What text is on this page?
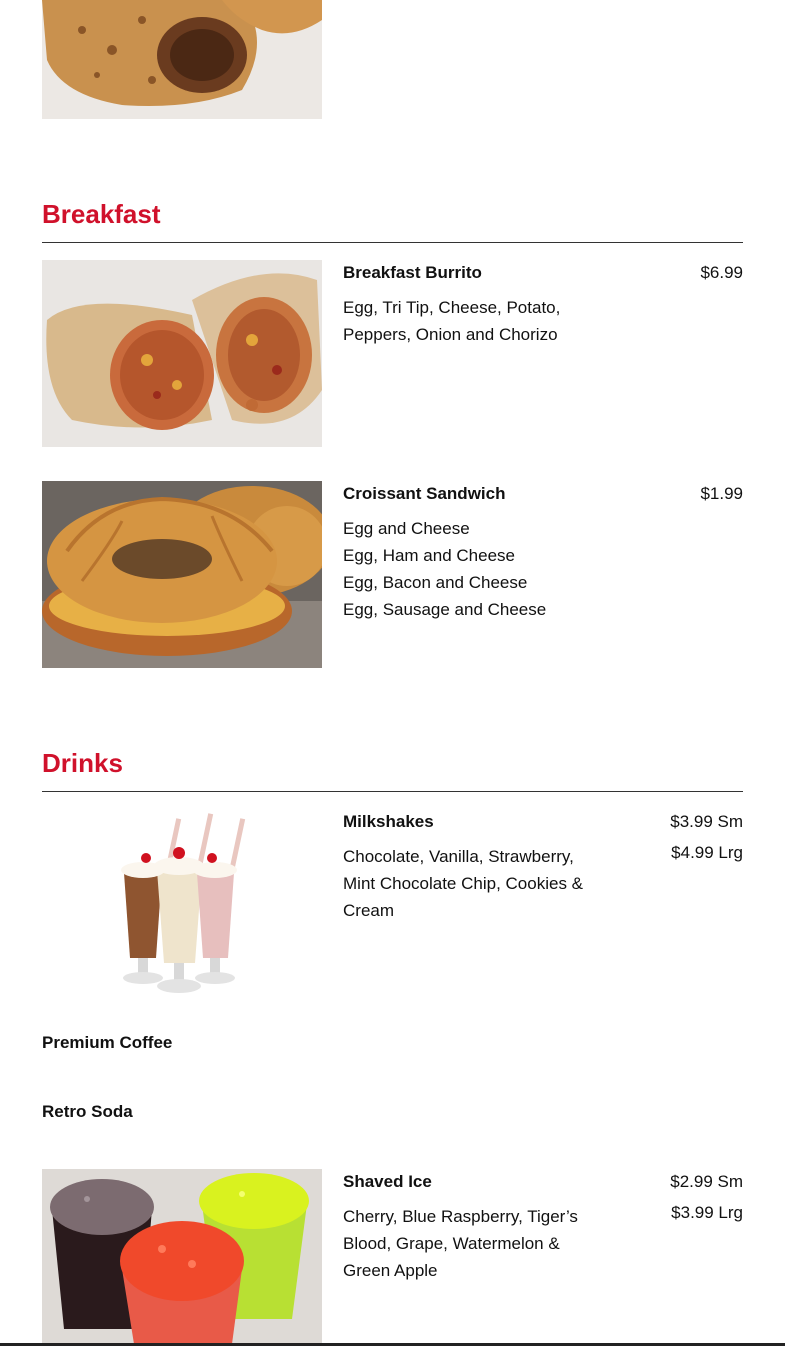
Breakfast
Breakfast Burrito	$6.99
Egg, Tri Tip, Cheese, Potato,
Peppers, Onion and Chorizo
Croissant Sandwich	$1.99
Egg and Cheese
Egg, Ham and Cheese
Egg, Bacon and Cheese
Egg, Sausage and Cheese
Drinks
Milkshakes	$3.99 Sm
$4.99 Lrg
Chocolate, Vanilla, Strawberry,
Mint Chocolate Chip, Cookies &
Cream
Premium Coffee
Retro Soda
Shaved Ice	$2.99 Sm
$3.99 Lrg
Cherry, Blue Raspberry, Tiger’s
Blood, Grape, Watermelon &
Green Apple
